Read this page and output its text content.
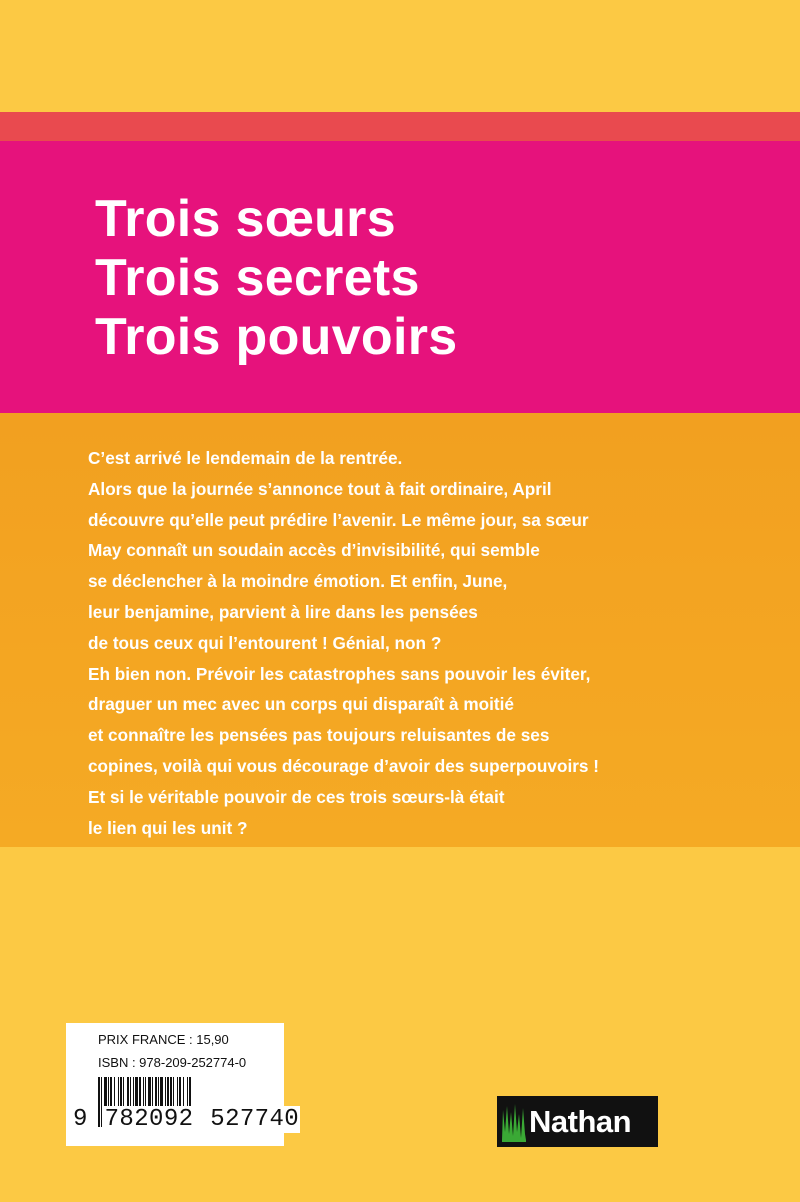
Trois sœurs
Trois secrets
Trois pouvoirs
C’est arrivé le lendemain de la rentrée.
Alors que la journée s’annonce tout à fait ordinaire, April
découvre qu’elle peut prédire l’avenir. Le même jour, sa sœur
May connaît un soudain accès d’invisibilité, qui semble
se déclencher à la moindre émotion. Et enfin, June,
leur benjamine, parvient à lire dans les pensées
de tous ceux qui l’entourent ! Génial, non ?
Eh bien non. Prévoir les catastrophes sans pouvoir les éviter,
draguer un mec avec un corps qui disparaît à moitié
et connaître les pensées pas toujours reluisantes de ses
copines, voilà qui vous décourage d’avoir des superpouvoirs !
Et si le véritable pouvoir de ces trois sœurs-là était
le lien qui les unit ?
PRIX FRANCE : 15,90
ISBN : 978-209-252774-0
9 782092 527740	Nathan
